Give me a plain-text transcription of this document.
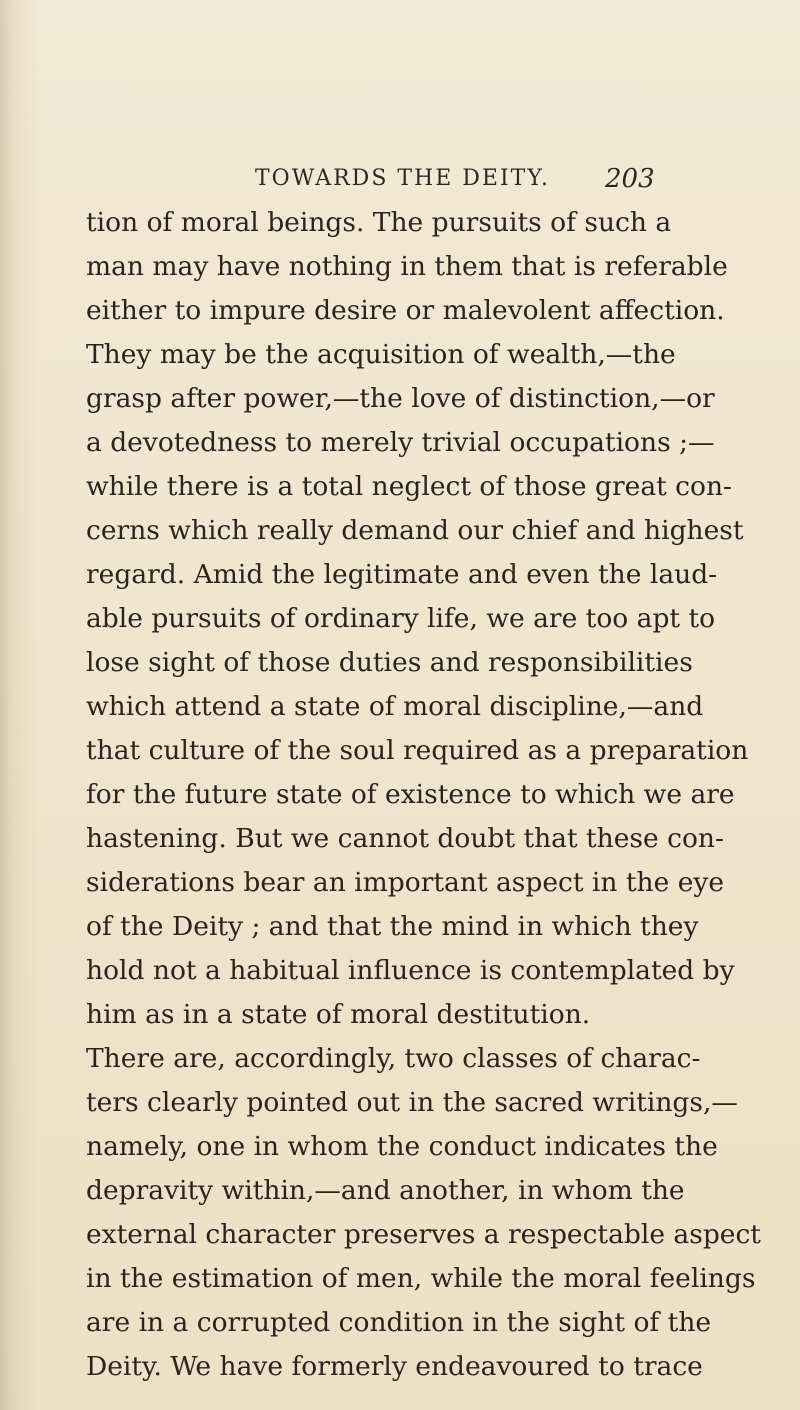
TOWARDS THE DEITY. 203
tion of moral beings. The pursuits of such a
man may have nothing in them that is referable
either to impure desire or malevolent affection.
They may be the acquisition of wealth,—the
grasp after power,—the love of distinction,—or
a devotedness to merely trivial occupations ;—
while there is a total neglect of those great con-
cerns which really demand our chief and highest
regard. Amid the legitimate and even the laud-
able pursuits of ordinary life, we are too apt to
lose sight of those duties and responsibilities
which attend a state of moral discipline,—and
that culture of the soul required as a preparation
for the future state of existence to which we are
hastening. But we cannot doubt that these con-
siderations bear an important aspect in the eye
of the Deity ; and that the mind in which they
hold not a habitual influence is contemplated by
him as in a state of moral destitution.
There are, accordingly, two classes of charac-
ters clearly pointed out in the sacred writings,—
namely, one in whom the conduct indicates the
depravity within,—and another, in whom the
external character preserves a respectable aspect
in the estimation of men, while the moral feelings
are in a corrupted condition in the sight of the
Deity. We have formerly endeavoured to trace
